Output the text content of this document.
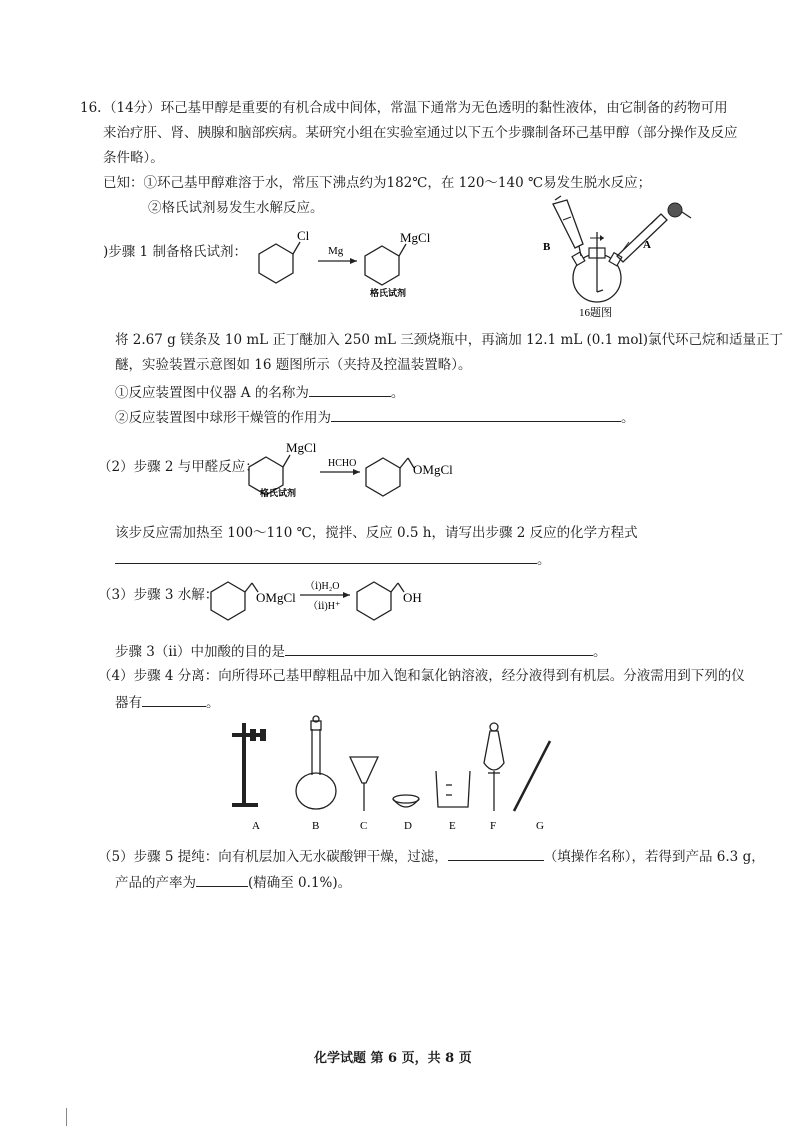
16. （14分）环己基甲醇是重要的有机合成中间体，常温下通常为无色透明的黏性液体，由它制备的药物可用
来治疗肝、肾、胰腺和脑部疾病。某研究小组在实验室通过以下五个步骤制备环己基甲醇（部分操作及反应
条件略）。
已知：①环己基甲醇难溶于水，常压下沸点约为182℃，在 120～140 ℃易发生脱水反应；
②格氏试剂易发生水解反应。
)步骤 1 制备格氏试剂：
Cl
Mg
MgCl
格氏试剂
B	A
16题图
将 2.67 g 镁条及 10 mL 正丁醚加入 250 mL 三颈烧瓶中，再滴加 12.1 mL (0.1 mol)氯代环己烷和适量正丁
醚，实验装置示意图如 16 题图所示（夹持及控温装置略）。
①反应装置图中仪器 A 的名称为	。
②反应装置图中球形干燥管的作用为	。
（2）步骤 2 与甲醛反应：
MgCl
格氏试剂
HCHO	OMgCl
该步反应需加热至 100～110 ℃，搅拌、反应 0.5 h，请写出步骤 2 反应的化学方程式
。
（3）步骤 3 水解：	OMgCl
（ⅰ)H₂O
（ⅱ)H⁺
OH
步骤 3（ii）中加酸的目的是	。
（4）步骤 4 分离：向所得环己基甲醇粗品中加入饱和氯化钠溶液，经分液得到有机层。分液需用到下列的仪
器有	。
A	B	C	D	E	F	G
（5）步骤 5 提纯：向有机层加入无水碳酸钾干燥，过滤，	（填操作名称），若得到产品 6.3 g，
产品的产率为	(精确至 0.1%)。
化学试题 第 6 页，共 8 页
